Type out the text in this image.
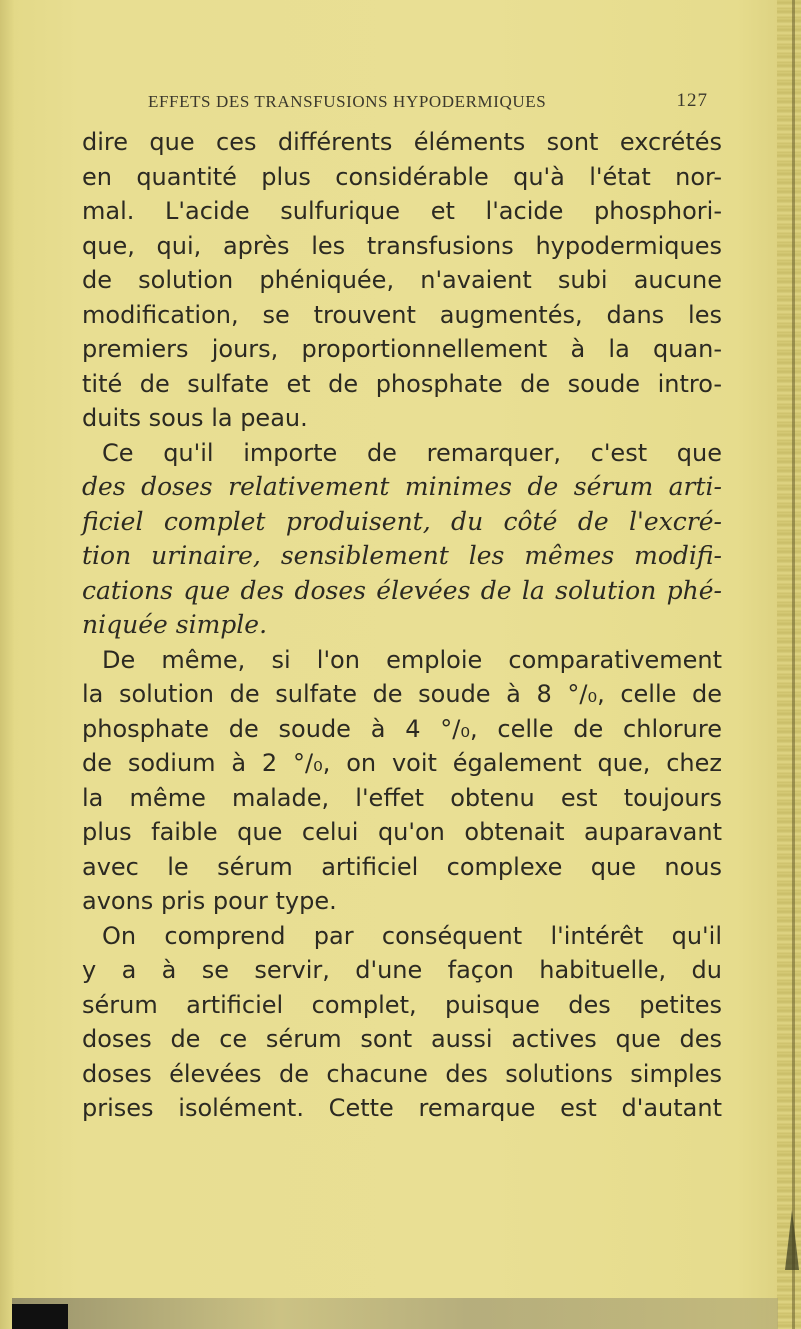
EFFETS DES TRANSFUSIONS HYPODERMIQUES	127
dire que ces différents éléments sont excrétés
en quantité plus considérable qu'à l'état nor-
mal. L'acide sulfurique et l'acide phosphori-
que, qui, après les transfusions hypodermiques
de solution phéniquée, n'avaient subi aucune
modification, se trouvent augmentés, dans les
premiers jours, proportionnellement à la quan-
tité de sulfate et de phosphate de soude intro-
duits sous la peau.
Ce qu'il importe de remarquer, c'est que
des doses relativement minimes de sérum arti-
ficiel complet produisent, du côté de l'excré-
tion urinaire, sensiblement les mêmes modifi-
cations que des doses élevées de la solution phé-
niquée simple.
De même, si l'on emploie comparativement
la solution de sulfate de soude à 8 °/₀, celle de
phosphate de soude à 4 °/₀, celle de chlorure
de sodium à 2 °/₀, on voit également que, chez
la même malade, l'effet obtenu est toujours
plus faible que celui qu'on obtenait auparavant
avec le sérum artificiel complexe que nous
avons pris pour type.
On comprend par conséquent l'intérêt qu'il
y a à se servir, d'une façon habituelle, du
sérum artificiel complet, puisque des petites
doses de ce sérum sont aussi actives que des
doses élevées de chacune des solutions simples
prises isolément. Cette remarque est d'autant
